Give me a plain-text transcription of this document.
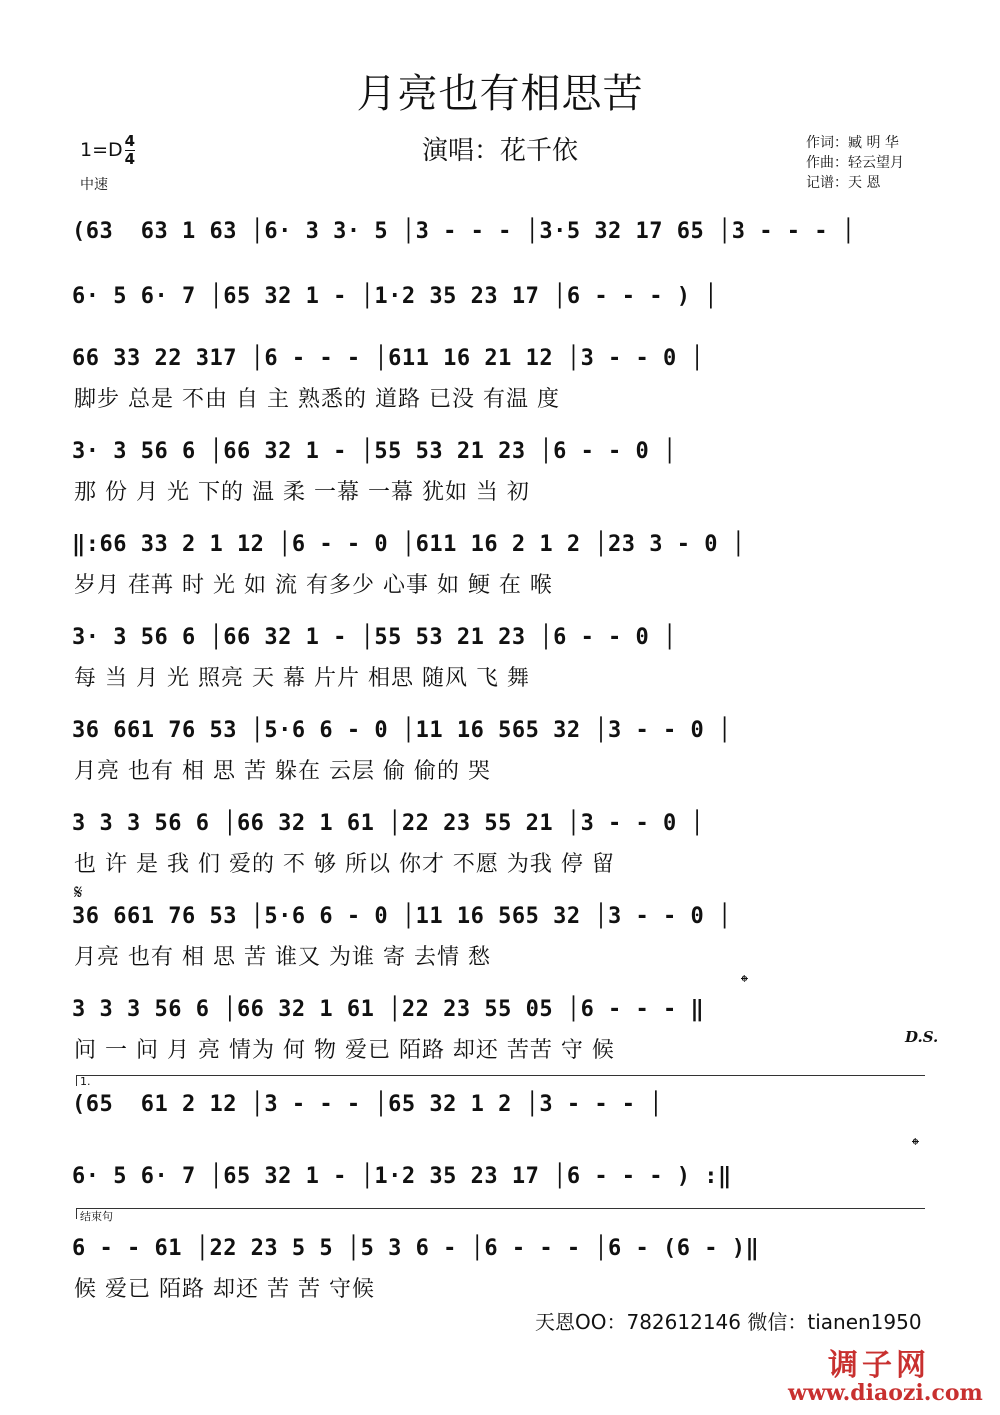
月亮也有相思苦
演唱：花千依
$1=D \frac{4}{4}$
中速
作词：臧 明 华
作曲：轻云望月
记谱：天 恩
(63  63 1 63 │6· 3 3· 5 │3 - - - │3·5 32 17 65 │3 - - - │
6· 5 6· 7 │65 32 1 - │1·2 35 23 17 │6 - - - ) │
66 33 22 317 │6 - - - │611 16 21 12 │3 - - 0 │
脚步 总是 不由 自 主 熟悉的 道路 已没 有温 度
3· 3 56 6 │66 32 1 - │55 53 21 23 │6 - - 0 │
那 份 月 光 下的 温 柔 一幕 一幕 犹如 当 初
‖:66 33 2 1 12 │6 - - 0 │611 16 2 1 2 │23 3 - 0 │
岁月 荏苒 时 光 如 流 有多少 心事 如 鲠 在 喉
3· 3 56 6 │66 32 1 - │55 53 21 23 │6 - - 0 │
每 当 月 光 照亮 天 幕 片片 相思 随风 飞 舞
36 661 76 53 │5·6 6 - 0 │11 16 565 32 │3 - - 0 │
月亮 也有 相 思 苦 躲在 云层 偷 偷的 哭
3 3 3 56 6 │66 32 1 61 │22 23 55 21 │3 - - 0 │
也 许 是 我 们 爱的 不 够 所以 你才 不愿 为我 停 留
𝄋
36 661 76 53 │5·6 6 - 0 │11 16 565 32 │3 - - 0 │
月亮 也有 相 思 苦 谁又 为谁 寄 去情 愁
𝄌
3 3 3 56 6 │66 32 1 61 │22 23 55 05 │6 - - - ‖
问 一 问 月 亮 情为 何 物 爱已 陌路 却还 苦苦 守 候
D.S.
1.
(65  61 2 12 │3 - - - │65 32 1 2 │3 - - - │
𝄌
6· 5 6· 7 │65 32 1 - │1·2 35 23 17 │6 - - - ) :‖
结束句
6 - - 61 │22 23 5 5 │5 3 6 - │6 - - - │6 - (6 - )‖
候 爱已 陌路 却还 苦 苦 守候
天恩OO：782612146 微信：tianen1950
调子网
www.diaozi.com
